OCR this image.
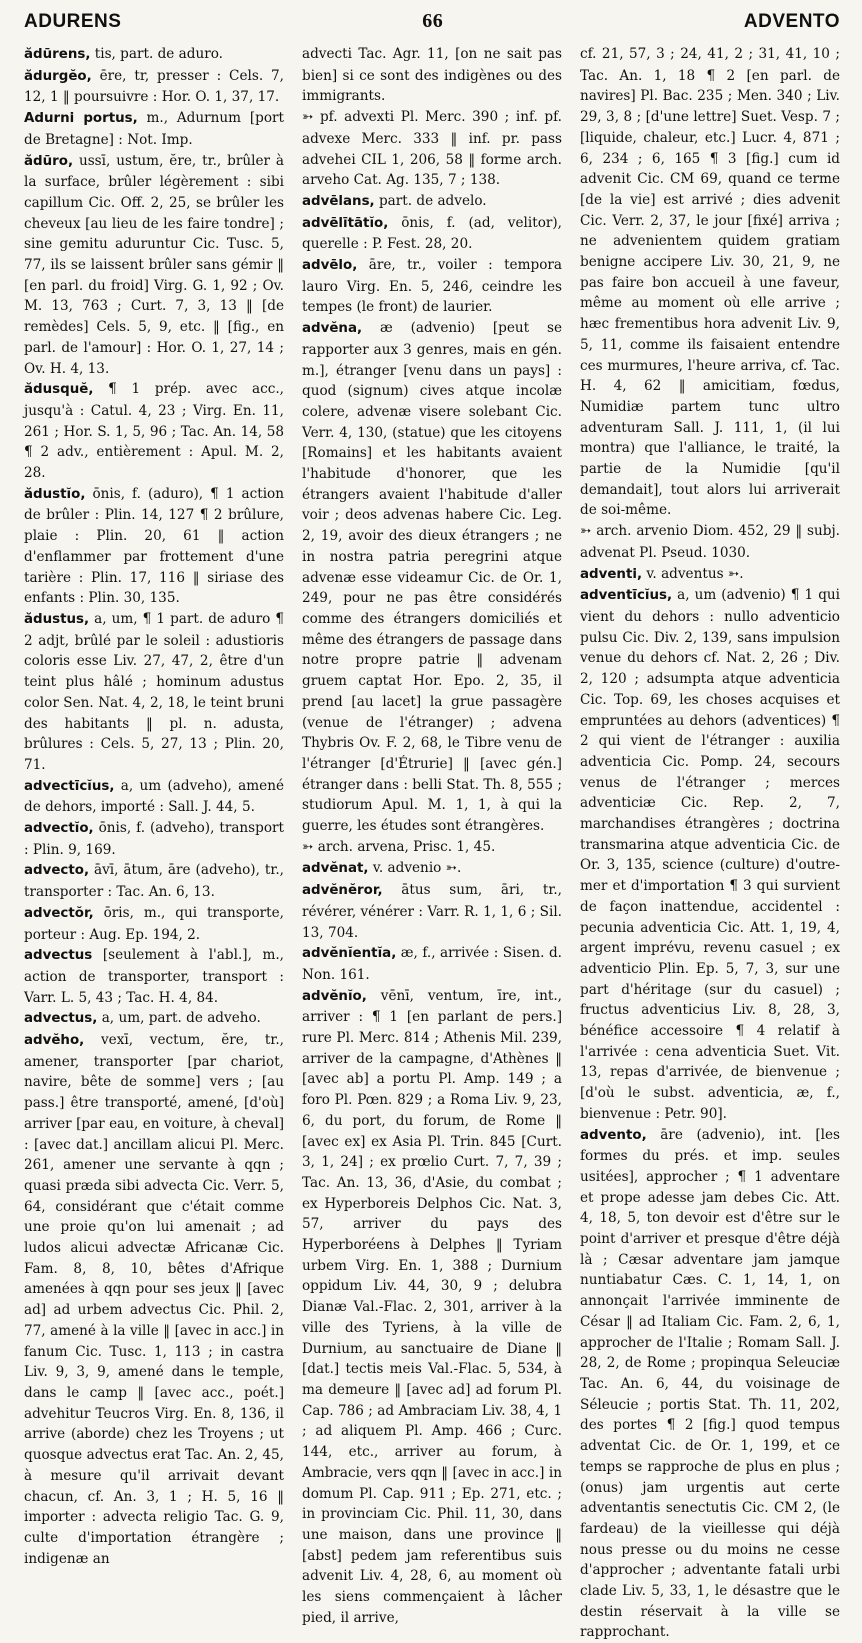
ADURENS	66	ADVENTO

ădūrens, tis, part. de aduro.

ădurgĕo, ēre, tr, presser : Cels. 7, 12, 1 ‖ poursuivre : Hor. O. 1, 37, 17.

Adurni portus, m., Adurnum [port de Bretagne] : Not. Imp.

ădūro, ussī, ustum, ĕre, tr., brûler à la surface, brûler légèrement : sibi capillum Cic. Off. 2, 25, se brûler les cheveux [au lieu de les faire tondre] ; sine gemitu aduruntur Cic. Tusc. 5, 77, ils se laissent brûler sans gémir ‖ [en parl. du froid] Virg. G. 1, 92 ; Ov. M. 13, 763 ; Curt. 7, 3, 13 ‖ [de remèdes] Cels. 5, 9, etc. ‖ [fig., en parl. de l'amour] : Hor. O. 1, 27, 14 ; Ov. H. 4, 13.

ădusquĕ, ¶ 1 prép. avec acc., jusqu'à : Catul. 4, 23 ; Virg. En. 11, 261 ; Hor. S. 1, 5, 96 ; Tac. An. 14, 58 ¶ 2 adv., entièrement : Apul. M. 2, 28.

ădustĭo, ōnis, f. (aduro), ¶ 1 action de brûler : Plin. 14, 127 ¶ 2 brûlure, plaie : Plin. 20, 61 ‖ action d'enflammer par frottement d'une tarière : Plin. 17, 116 ‖ siriase des enfants : Plin. 30, 135.

ădustus, a, um, ¶ 1 part. de aduro ¶ 2 adjt, brûlé par le soleil : adustioris coloris esse Liv. 27, 47, 2, être d'un teint plus hâlé ; hominum adustus color Sen. Nat. 4, 2, 18, le teint bruni des habitants ‖ pl. n. adusta, brûlures : Cels. 5, 27, 13 ; Plin. 20, 71.

advectīcĭus, a, um (adveho), amené de dehors, importé : Sall. J. 44, 5.

advectĭo, ōnis, f. (adveho), transport : Plin. 9, 169.

advecto, āvī, ātum, āre (adveho), tr., transporter : Tac. An. 6, 13.

advectŏr, ōris, m., qui transporte, porteur : Aug. Ep. 194, 2.

advectus [seulement à l'abl.], m., action de transporter, transport : Varr. L. 5, 43 ; Tac. H. 4, 84.

advectus, a, um, part. de adveho.

advĕho, vexī, vectum, ĕre, tr., amener, transporter [par chariot, navire, bête de somme] vers ; [au pass.] être transporté, amené, [d'où] arriver [par eau, en voiture, à cheval] : [avec dat.] ancillam alicui Pl. Merc. 261, amener une servante à qqn ; quasi præda sibi advecta Cic. Verr. 5, 64, considérant que c'était comme une proie qu'on lui amenait ; ad ludos alicui advectæ Africanæ Cic. Fam. 8, 8, 10, bêtes d'Afrique amenées à qqn pour ses jeux ‖ [avec ad] ad urbem advectus Cic. Phil. 2, 77, amené à la ville ‖ [avec in acc.] in fanum Cic. Tusc. 1, 113 ; in castra Liv. 9, 3, 9, amené dans le temple, dans le camp ‖ [avec acc., poét.] advehitur Teucros Virg. En. 8, 136, il arrive (aborde) chez les Troyens ; ut quosque advectus erat Tac. An. 2, 45, à mesure qu'il arrivait devant chacun, cf. An. 3, 1 ; H. 5, 16 ‖ importer : advecta religio Tac. G. 9, culte d'importation étrangère ; indigenæ an

advecti Tac. Agr. 11, [on ne sait pas bien] si ce sont des indigènes ou des immigrants.

➳ pf. advexti Pl. Merc. 390 ; inf. pf. advexe Merc. 333 ‖ inf. pr. pass advehei CIL 1, 206, 58 ‖ forme arch. arveho Cat. Ag. 135, 7 ; 138.

advēlans, part. de advelo.

advēlītātĭo, ōnis, f. (ad, velitor), querelle : P. Fest. 28, 20.

advēlo, āre, tr., voiler : tempora lauro Virg. En. 5, 246, ceindre les tempes (le front) de laurier.

advĕna, æ (advenio) [peut se rapporter aux 3 genres, mais en gén. m.], étranger [venu dans un pays] : quod (signum) cives atque incolæ colere, advenæ visere solebant Cic. Verr. 4, 130, (statue) que les citoyens [Romains] et les habitants avaient l'habitude d'honorer, que les étrangers avaient l'habitude d'aller voir ; deos advenas habere Cic. Leg. 2, 19, avoir des dieux étrangers ; ne in nostra patria peregrini atque advenæ esse videamur Cic. de Or. 1, 249, pour ne pas être considérés comme des étrangers domiciliés et même des étrangers de passage dans notre propre patrie ‖ advenam gruem captat Hor. Epo. 2, 35, il prend [au lacet] la grue passagère (venue de l'étranger) ; advena Thybris Ov. F. 2, 68, le Tibre venu de l'étranger [d'Étrurie] ‖ [avec gén.] étranger dans : belli Stat. Th. 8, 555 ; studiorum Apul. M. 1, 1, à qui la guerre, les études sont étrangères.

➳ arch. arvena, Prisc. 1, 45.

advĕnat, v. advenio ➳.

advĕnĕror, ātus sum, āri, tr., révérer, vénérer : Varr. R. 1, 1, 6 ; Sil. 13, 704.

advĕnĭentĭa, æ, f., arrivée : Sisen. d. Non. 161.

advĕnĭo, vēnī, ventum, īre, int., arriver : ¶ 1 [en parlant de pers.] rure Pl. Merc. 814 ; Athenis Mil. 239, arriver de la campagne, d'Athènes ‖ [avec ab] a portu Pl. Amp. 149 ; a foro Pl. Pœn. 829 ; a Roma Liv. 9, 23, 6, du port, du forum, de Rome ‖ [avec ex] ex Asia Pl. Trin. 845 [Curt. 3, 1, 24] ; ex prœlio Curt. 7, 7, 39 ; Tac. An. 13, 36, d'Asie, du combat ; ex Hyperboreis Delphos Cic. Nat. 3, 57, arriver du pays des Hyperboréens à Delphes ‖ Tyriam urbem Virg. En. 1, 388 ; Durnium oppidum Liv. 44, 30, 9 ; delubra Dianæ Val.-Flac. 2, 301, arriver à la ville des Tyriens, à la ville de Durnium, au sanctuaire de Diane ‖ [dat.] tectis meis Val.-Flac. 5, 534, à ma demeure ‖ [avec ad] ad forum Pl. Cap. 786 ; ad Ambraciam Liv. 38, 4, 1 ; ad aliquem Pl. Amp. 466 ; Curc. 144, etc., arriver au forum, à Ambracie, vers qqn ‖ [avec in acc.] in domum Pl. Cap. 911 ; Ep. 271, etc. ; in provinciam Cic. Phil. 11, 30, dans une maison, dans une province ‖ [abst] pedem jam referentibus suis advenit Liv. 4, 28, 6, au moment où les siens commençaient à lâcher pied, il arrive,

cf. 21, 57, 3 ; 24, 41, 2 ; 31, 41, 10 ; Tac. An. 1, 18 ¶ 2 [en parl. de navires] Pl. Bac. 235 ; Men. 340 ; Liv. 29, 3, 8 ; [d'une lettre] Suet. Vesp. 7 ; [liquide, chaleur, etc.] Lucr. 4, 871 ; 6, 234 ; 6, 165 ¶ 3 [fig.] cum id advenit Cic. CM 69, quand ce terme [de la vie] est arrivé ; dies advenit Cic. Verr. 2, 37, le jour [fixé] arriva ; ne advenientem quidem gratiam benigne accipere Liv. 30, 21, 9, ne pas faire bon accueil à une faveur, même au moment où elle arrive ; hæc frementibus hora advenit Liv. 9, 5, 11, comme ils faisaient entendre ces murmures, l'heure arriva, cf. Tac. H. 4, 62 ‖ amicitiam, fœdus, Numidiæ partem tunc ultro adventuram Sall. J. 111, 1, (il lui montra) que l'alliance, le traité, la partie de la Numidie [qu'il demandait], tout alors lui arriverait de soi-même.

➳ arch. arvenio Diom. 452, 29 ‖ subj. advenat Pl. Pseud. 1030.

adventi, v. adventus ➳.

adventīcĭus, a, um (advenio) ¶ 1 qui vient du dehors : nullo adventicio pulsu Cic. Div. 2, 139, sans impulsion venue du dehors cf. Nat. 2, 26 ; Div. 2, 120 ; adsumpta atque adventicia Cic. Top. 69, les choses acquises et empruntées au dehors (adventices) ¶ 2 qui vient de l'étranger : auxilia adventicia Cic. Pomp. 24, secours venus de l'étranger ; merces adventiciæ Cic. Rep. 2, 7, marchandises étrangères ; doctrina transmarina atque adventicia Cic. de Or. 3, 135, science (culture) d'outre-mer et d'importation ¶ 3 qui survient de façon inattendue, accidentel : pecunia adventicia Cic. Att. 1, 19, 4, argent imprévu, revenu casuel ; ex adventicio Plin. Ep. 5, 7, 3, sur une part d'héritage (sur du casuel) ; fructus adventicius Liv. 8, 28, 3, bénéfice accessoire ¶ 4 relatif à l'arrivée : cena adventicia Suet. Vit. 13, repas d'arrivée, de bienvenue ; [d'où le subst. adventicia, æ, f., bienvenue : Petr. 90].

advento, āre (advenio), int. [les formes du prés. et imp. seules usitées], approcher ; ¶ 1 adventare et prope adesse jam debes Cic. Att. 4, 18, 5, ton devoir est d'être sur le point d'arriver et presque d'être déjà là ; Cæsar adventare jam jamque nuntiabatur Cæs. C. 1, 14, 1, on annonçait l'arrivée imminente de César ‖ ad Italiam Cic. Fam. 2, 6, 1, approcher de l'Italie ; Romam Sall. J. 28, 2, de Rome ; propinqua Seleuciæ Tac. An. 6, 44, du voisinage de Séleucie ; portis Stat. Th. 11, 202, des portes ¶ 2 [fig.] quod tempus adventat Cic. de Or. 1, 199, et ce temps se rapproche de plus en plus ; (onus) jam urgentis aut certe adventantis senectutis Cic. CM 2, (le fardeau) de la vieillesse qui déjà nous presse ou du moins ne cesse d'approcher ; adventante fatali urbi clade Liv. 5, 33, 1, le désastre que le destin réservait à la ville se rapprochant.
